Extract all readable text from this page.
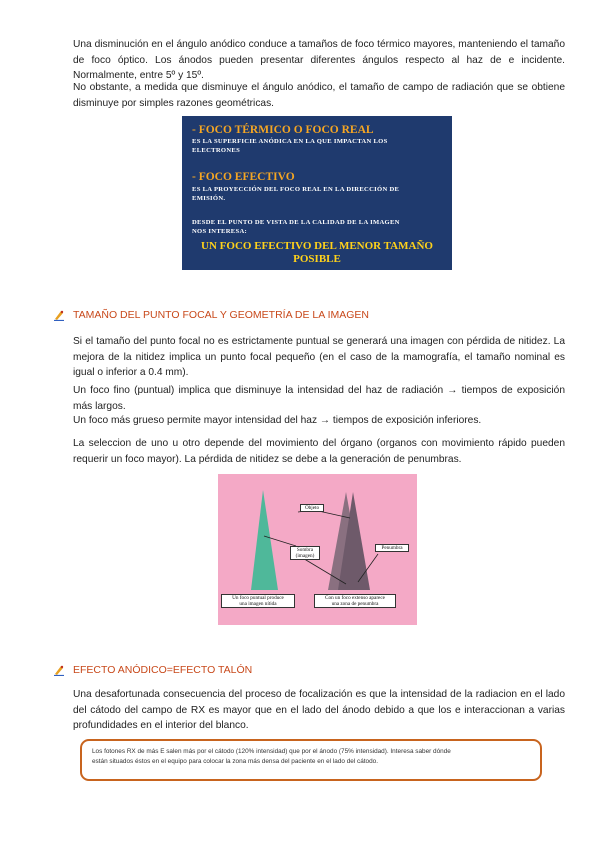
Una disminución en el ángulo anódico conduce a tamaños de foco térmico mayores, manteniendo el tamaño de foco óptico. Los ánodos pueden presentar diferentes ángulos respecto al haz de e incidente. Normalmente, entre 5º y 15º.

No obstante, a medida que disminuye el ángulo anódico, el tamaño de campo de radiación que se obtiene disminuye por simples razones geométricas.

- FOCO TÉRMICO O FOCO REAL
ES LA SUPERFICIE ANÓDICA EN LA QUE IMPACTAN LOS
ELECTRONES
- FOCO EFECTIVO
ES LA PROYECCIÓN DEL FOCO REAL EN LA DIRECCIÓN DE
EMISIÓN.
DESDE EL PUNTO DE VISTA DE LA CALIDAD DE LA IMAGEN
NOS INTERESA:
UN FOCO EFECTIVO DEL MENOR TAMAÑO
POSIBLE
TAMAÑO DEL PUNTO FOCAL Y GEOMETRÍA DE LA IMAGEN

Si el tamaño del punto focal no es estrictamente puntual se generará una imagen con pérdida de nitidez. La mejora de la nitidez implica un punto focal pequeño (en el caso de la mamografía, el tamaño nominal es igual o inferior a 0.4 mm).

Un foco fino (puntual) implica que disminuye la intensidad del haz de radiación → tiempos de exposición más largos.

Un foco más grueso permite mayor intensidad del haz → tiempos de exposición inferiores.

La seleccion de uno u otro depende del movimiento del órgano (organos con movimiento rápido pueden requerir un foco mayor). La pérdida de nitidez se debe a la generación de penumbras.

Objeto
Sombra
(imagen)
Penumbra
Un foco puntual produce
una imagen nítida
Con un foco extenso aparece
una zona de penumbra
EFECTO ANÓDICO=EFECTO TALÓN

Una desafortunada consecuencia del proceso de focalización es que la intensidad de la radiacion en el lado del cátodo del campo de RX es mayor que en el lado del ánodo debido a que los e interaccionan a varias profundidades en el interior del blanco.

Los fotones RX de más E salen más por el cátodo (120% intensidad) que por el ánodo (75% intensidad). Interesa saber dónde
están situados éstos en el equipo para colocar la zona más densa del paciente en el lado del cátodo.
